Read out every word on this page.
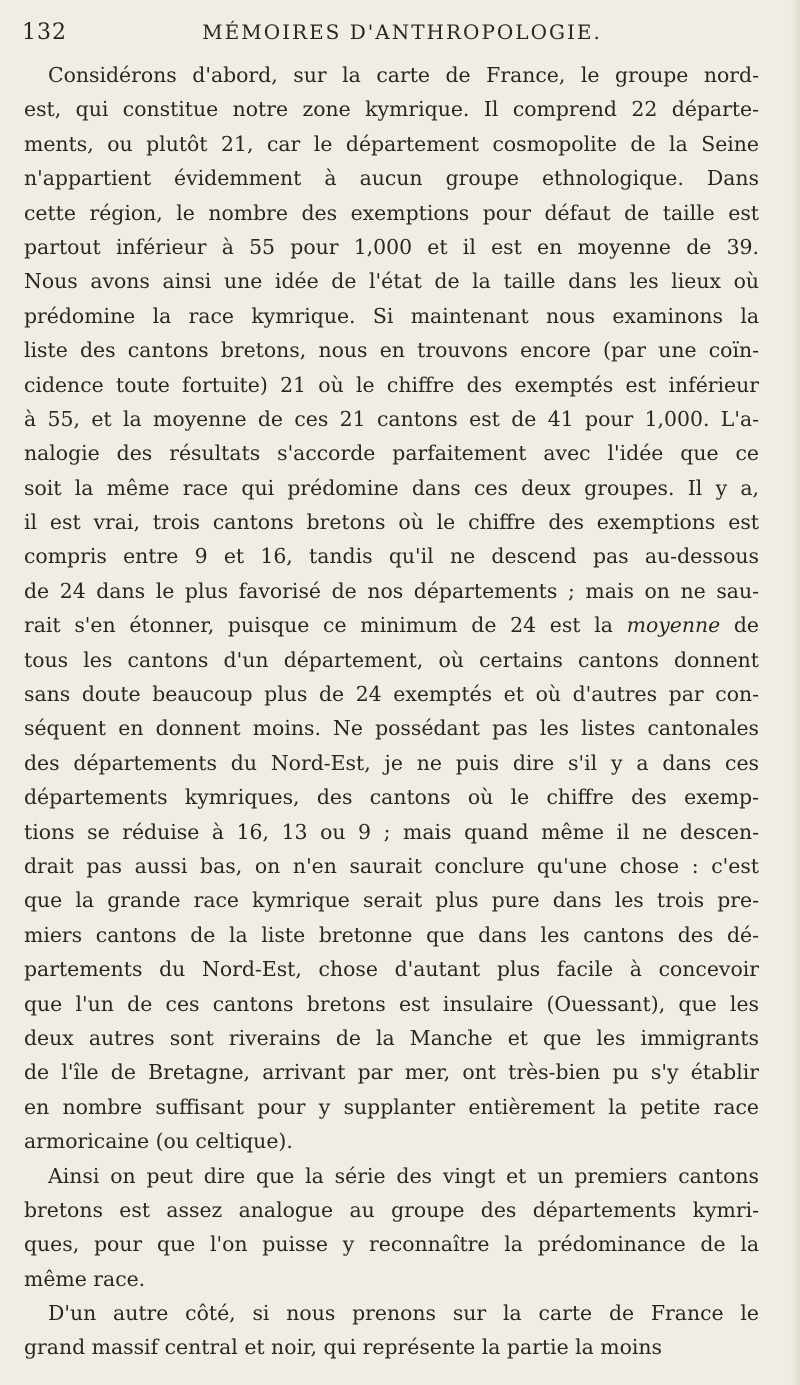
132	MÉMOIRES D'ANTHROPOLOGIE.
Considérons d'abord, sur la carte de France, le groupe nord-
est, qui constitue notre zone kymrique. Il comprend 22 départe-
ments, ou plutôt 21, car le département cosmopolite de la Seine
n'appartient évidemment à aucun groupe ethnologique. Dans
cette région, le nombre des exemptions pour défaut de taille est
partout inférieur à 55 pour 1,000 et il est en moyenne de 39.
Nous avons ainsi une idée de l'état de la taille dans les lieux où
prédomine la race kymrique. Si maintenant nous examinons la
liste des cantons bretons, nous en trouvons encore (par une coïn-
cidence toute fortuite) 21 où le chiffre des exemptés est inférieur
à 55, et la moyenne de ces 21 cantons est de 41 pour 1,000. L'a-
nalogie des résultats s'accorde parfaitement avec l'idée que ce
soit la même race qui prédomine dans ces deux groupes. Il y a,
il est vrai, trois cantons bretons où le chiffre des exemptions est
compris entre 9 et 16, tandis qu'il ne descend pas au-dessous
de 24 dans le plus favorisé de nos départements ; mais on ne sau-
rait s'en étonner, puisque ce minimum de 24 est la moyenne de
tous les cantons d'un département, où certains cantons donnent
sans doute beaucoup plus de 24 exemptés et où d'autres par con-
séquent en donnent moins. Ne possédant pas les listes cantonales
des départements du Nord-Est, je ne puis dire s'il y a dans ces
départements kymriques, des cantons où le chiffre des exemp-
tions se réduise à 16, 13 ou 9 ; mais quand même il ne descen-
drait pas aussi bas, on n'en saurait conclure qu'une chose : c'est
que la grande race kymrique serait plus pure dans les trois pre-
miers cantons de la liste bretonne que dans les cantons des dé-
partements du Nord-Est, chose d'autant plus facile à concevoir
que l'un de ces cantons bretons est insulaire (Ouessant), que les
deux autres sont riverains de la Manche et que les immigrants
de l'île de Bretagne, arrivant par mer, ont très-bien pu s'y établir
en nombre suffisant pour y supplanter entièrement la petite race
armoricaine (ou celtique).
Ainsi on peut dire que la série des vingt et un premiers cantons
bretons est assez analogue au groupe des départements kymri-
ques, pour que l'on puisse y reconnaître la prédominance de la
même race.
D'un autre côté, si nous prenons sur la carte de France le
grand massif central et noir, qui représente la partie la moins
